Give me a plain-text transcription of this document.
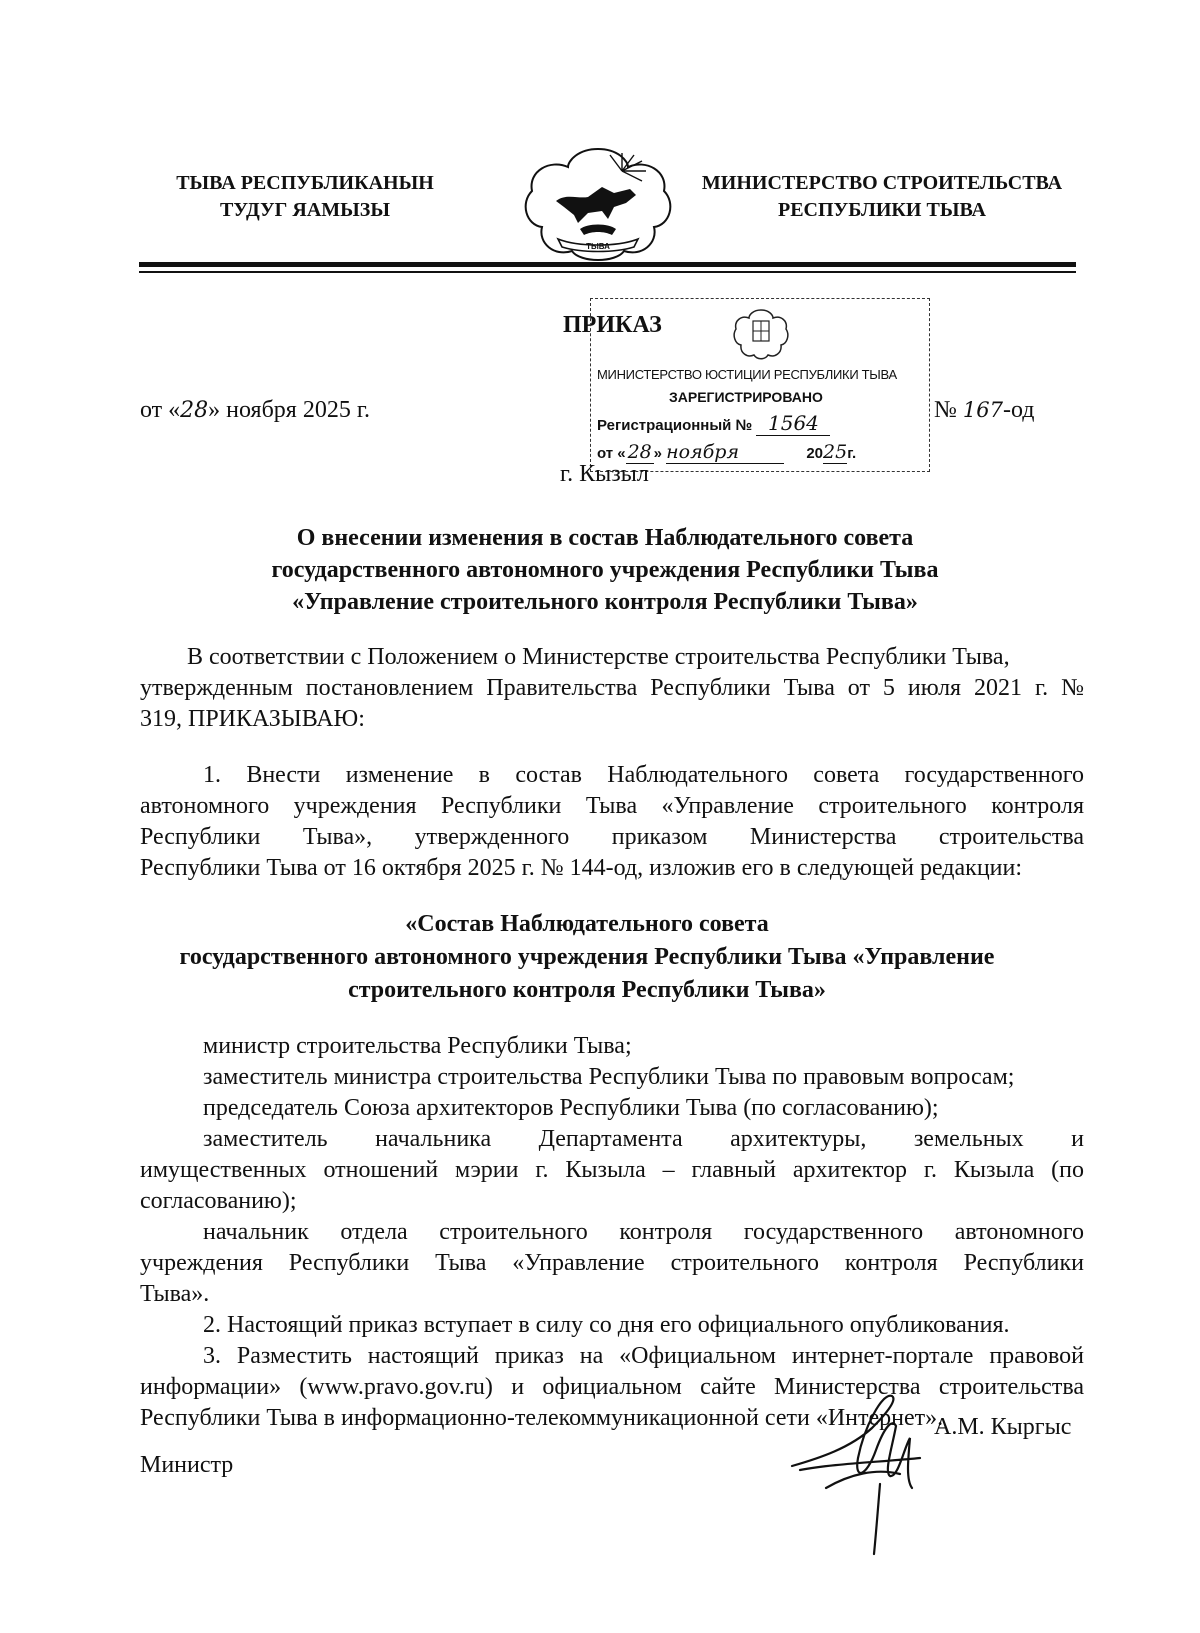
ТЫВА РЕСПУБЛИКАНЫН
ТУДУГ ЯАМЫЗЫ
ТЫВА
МИНИСТЕРСТВО СТРОИТЕЛЬСТВА
РЕСПУБЛИКИ ТЫВА
ПРИКАЗ
МИНИСТЕРСТВО ЮСТИЦИИ РЕСПУБЛИКИ ТЫВА
ЗАРЕГИСТРИРОВАНО
Регистрационный № 1564
от « 28 » ноября	2025г.
от «28» ноября 2025 г.	№ 167-од
г. Кызыл
О внесении изменения в состав Наблюдательного совета
государственного автономного учреждения Республики Тыва
«Управление строительного контроля Республики Тыва»
В соответствии с Положением о Министерстве строительства Республики Тыва,
утвержденным постановлением Правительства Республики Тыва от 5 июля 2021 г. №
319, ПРИКАЗЫВАЮ:
1. Внести изменение в состав Наблюдательного совета государственного
автономного учреждения Республики Тыва «Управление строительного контроля
Республики Тыва», утвержденного приказом Министерства строительства
Республики Тыва от 16 октября 2025 г. № 144-од, изложив его в следующей редакции:
«Состав Наблюдательного совета
государственного автономного учреждения Республики Тыва «Управление
строительного контроля Республики Тыва»
министр строительства Республики Тыва;
заместитель министра строительства Республики Тыва по правовым вопросам;
председатель Союза архитекторов Республики Тыва (по согласованию);
заместитель начальника Департамента архитектуры, земельных и
имущественных отношений мэрии г. Кызыла – главный архитектор г. Кызыла (по
согласованию);
начальник отдела строительного контроля государственного автономного
учреждения Республики Тыва «Управление строительного контроля Республики
Тыва».
2. Настоящий приказ вступает в силу со дня его официального опубликования.
3. Разместить настоящий приказ на «Официальном интернет-портале правовой
информации» (www.pravo.gov.ru) и официальном сайте Министерства строительства
Республики Тыва в информационно-телекоммуникационной сети «Интернет».
Министр
А.М. Кыргыс
